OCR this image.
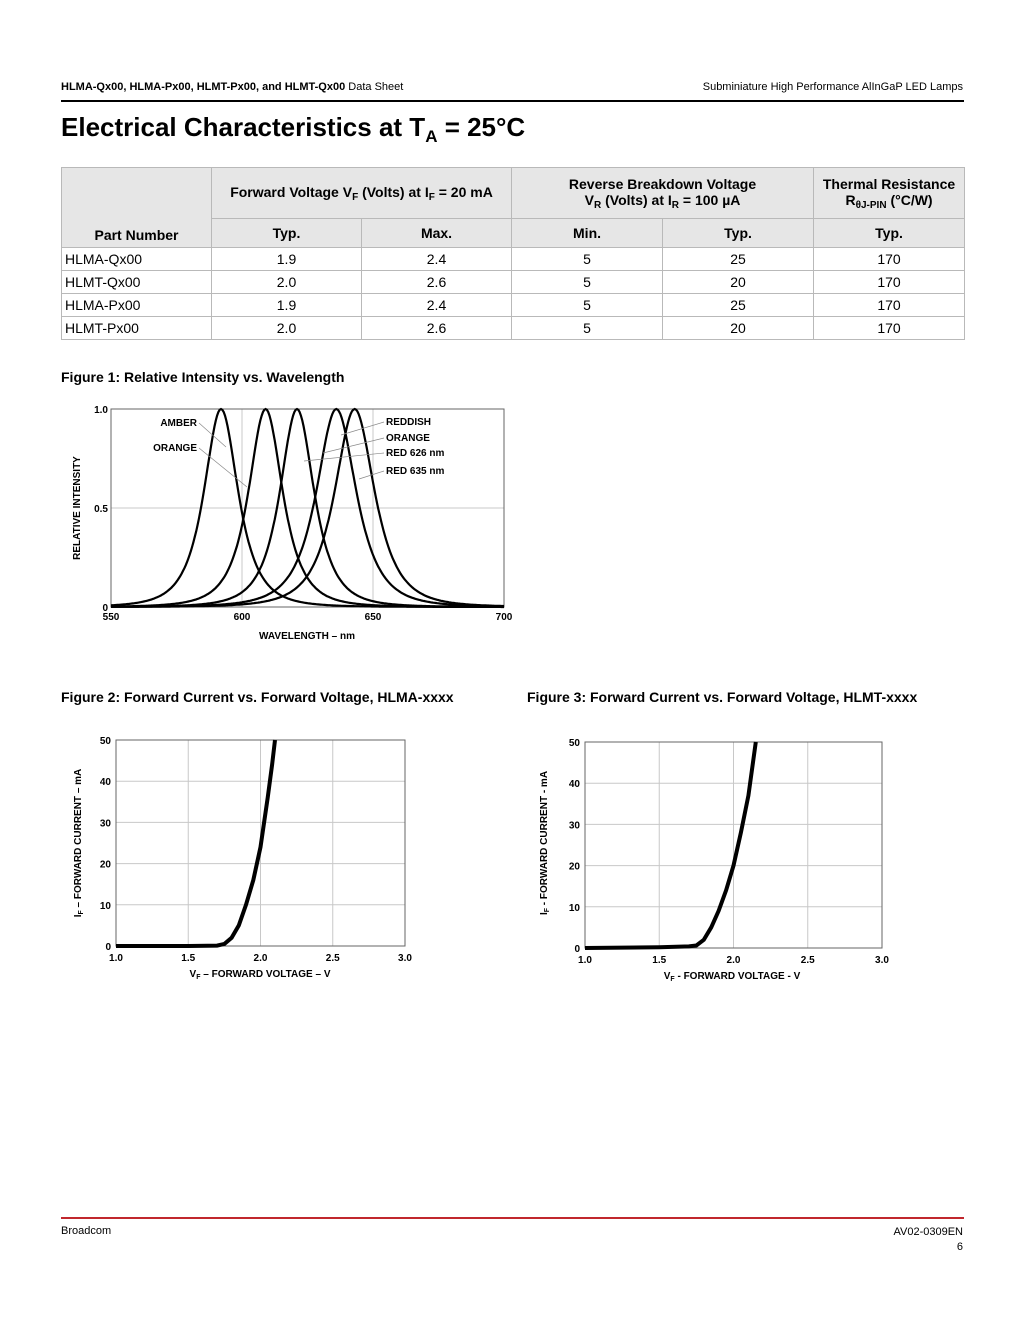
HLMA-Qx00, HLMA-Px00, HLMT-Px00, and HLMT-Qx00 Data Sheet	Subminiature High Performance AlInGaP LED Lamps
Electrical Characteristics at $T_A = 25^\circ C$
Part Number	Forward Voltage $V_F$ (Volts) at $I_F = 20$ mA		Reverse Breakdown Voltage
$V_R$ (Volts) at $I_R = 100$ µA		Thermal Resistance
$R_{\theta J-PIN}$ (°C/W)
	Typ.	Max.	Min.	Typ.	Typ.
HLMA-Qx00	1.9	2.4	5	25	170
HLMT-Qx00	2.0	2.6	5	20	170
HLMA-Px00	1.9	2.4	5	25	170
HLMT-Px00	2.0	2.6	5	20	170
Figure 1: Relative Intensity vs. Wavelength
550	600	650	700
0
0.5
1.0
WAVELENGTH – nm
RELATIVE INTENSITY
AMBER
ORANGE
REDDISH
ORANGE
RED 626 nm
RED 635 nm
Figure 2: Forward Current vs. Forward Voltage, HLMA-xxxx
1.0	1.5	2.0	2.5	3.0
0
10
20
30
40
50
$V_F$ – FORWARD VOLTAGE – V
$I_F$ – FORWARD CURRENT – mA
Figure 3: Forward Current vs. Forward Voltage, HLMT-xxxx
1.0	1.5	2.0	2.5	3.0
0
10
20
30
40
50
$V_F$ - FORWARD VOLTAGE - V
$I_F$ - FORWARD CURRENT - mA
Broadcom	AV02-0309EN
6
